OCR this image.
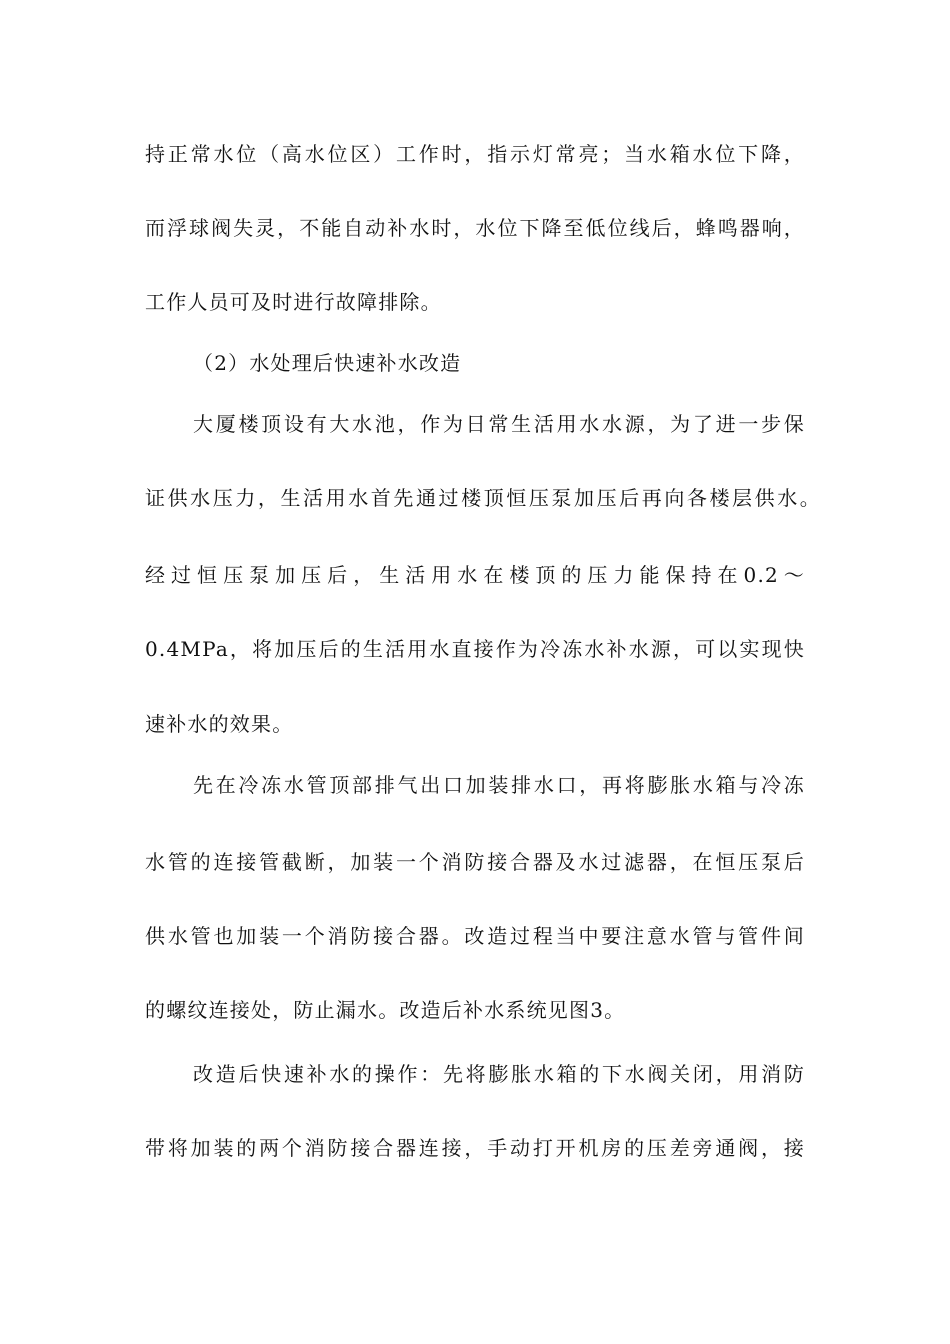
持正常水位（高水位区）工作时，指示灯常亮；当水箱水位下降，
而浮球阀失灵，不能自动补水时，水位下降至低位线后，蜂鸣器响，
工作人员可及时进行故障排除。
（2）水处理后快速补水改造
大厦楼顶设有大水池，作为日常生活用水水源，为了进一步保
证供水压力，生活用水首先通过楼顶恒压泵加压后再向各楼层供水。
经过恒压泵加压后，生活用水在楼顶的压力能保持在0.2～
0.4MPa，将加压后的生活用水直接作为冷冻水补水源，可以实现快
速补水的效果。
先在冷冻水管顶部排气出口加装排水口，再将膨胀水箱与冷冻
水管的连接管截断，加装一个消防接合器及水过滤器，在恒压泵后
供水管也加装一个消防接合器。改造过程当中要注意水管与管件间
的螺纹连接处，防止漏水。改造后补水系统见图3。
改造后快速补水的操作：先将膨胀水箱的下水阀关闭，用消防
带将加装的两个消防接合器连接，手动打开机房的压差旁通阀，接
